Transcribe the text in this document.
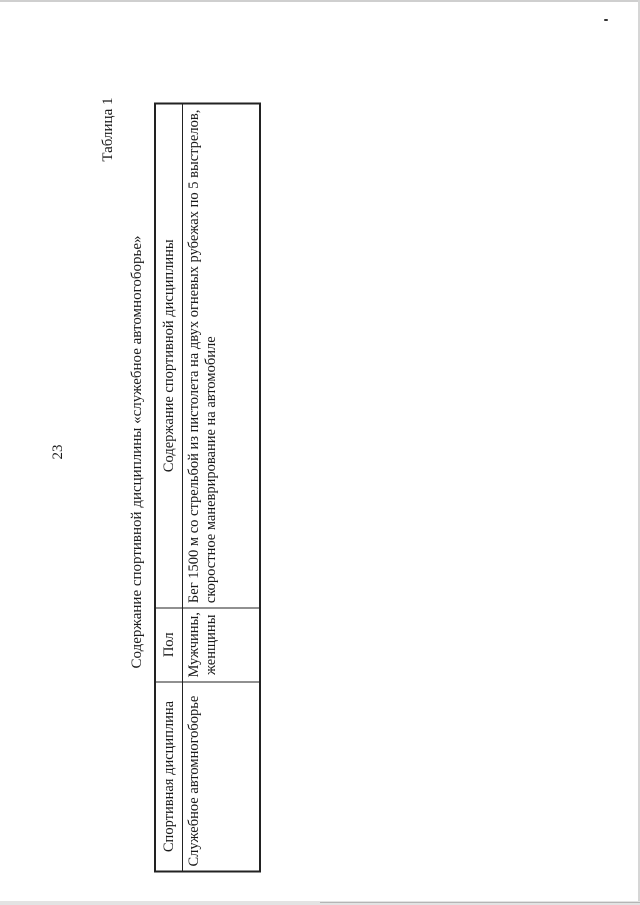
23
Таблица 1
Содержание спортивной дисциплины «служебное автомногоборье»
Спортивная дисциплина	Пол	Содержание спортивной дисциплины
Служебное автомногоборье	Мужчины, женщины	Бег 1500 м со стрельбой из пистолета на двух огневых рубежах по 5 выстрелов, скоростное маневрирование на автомобиле
